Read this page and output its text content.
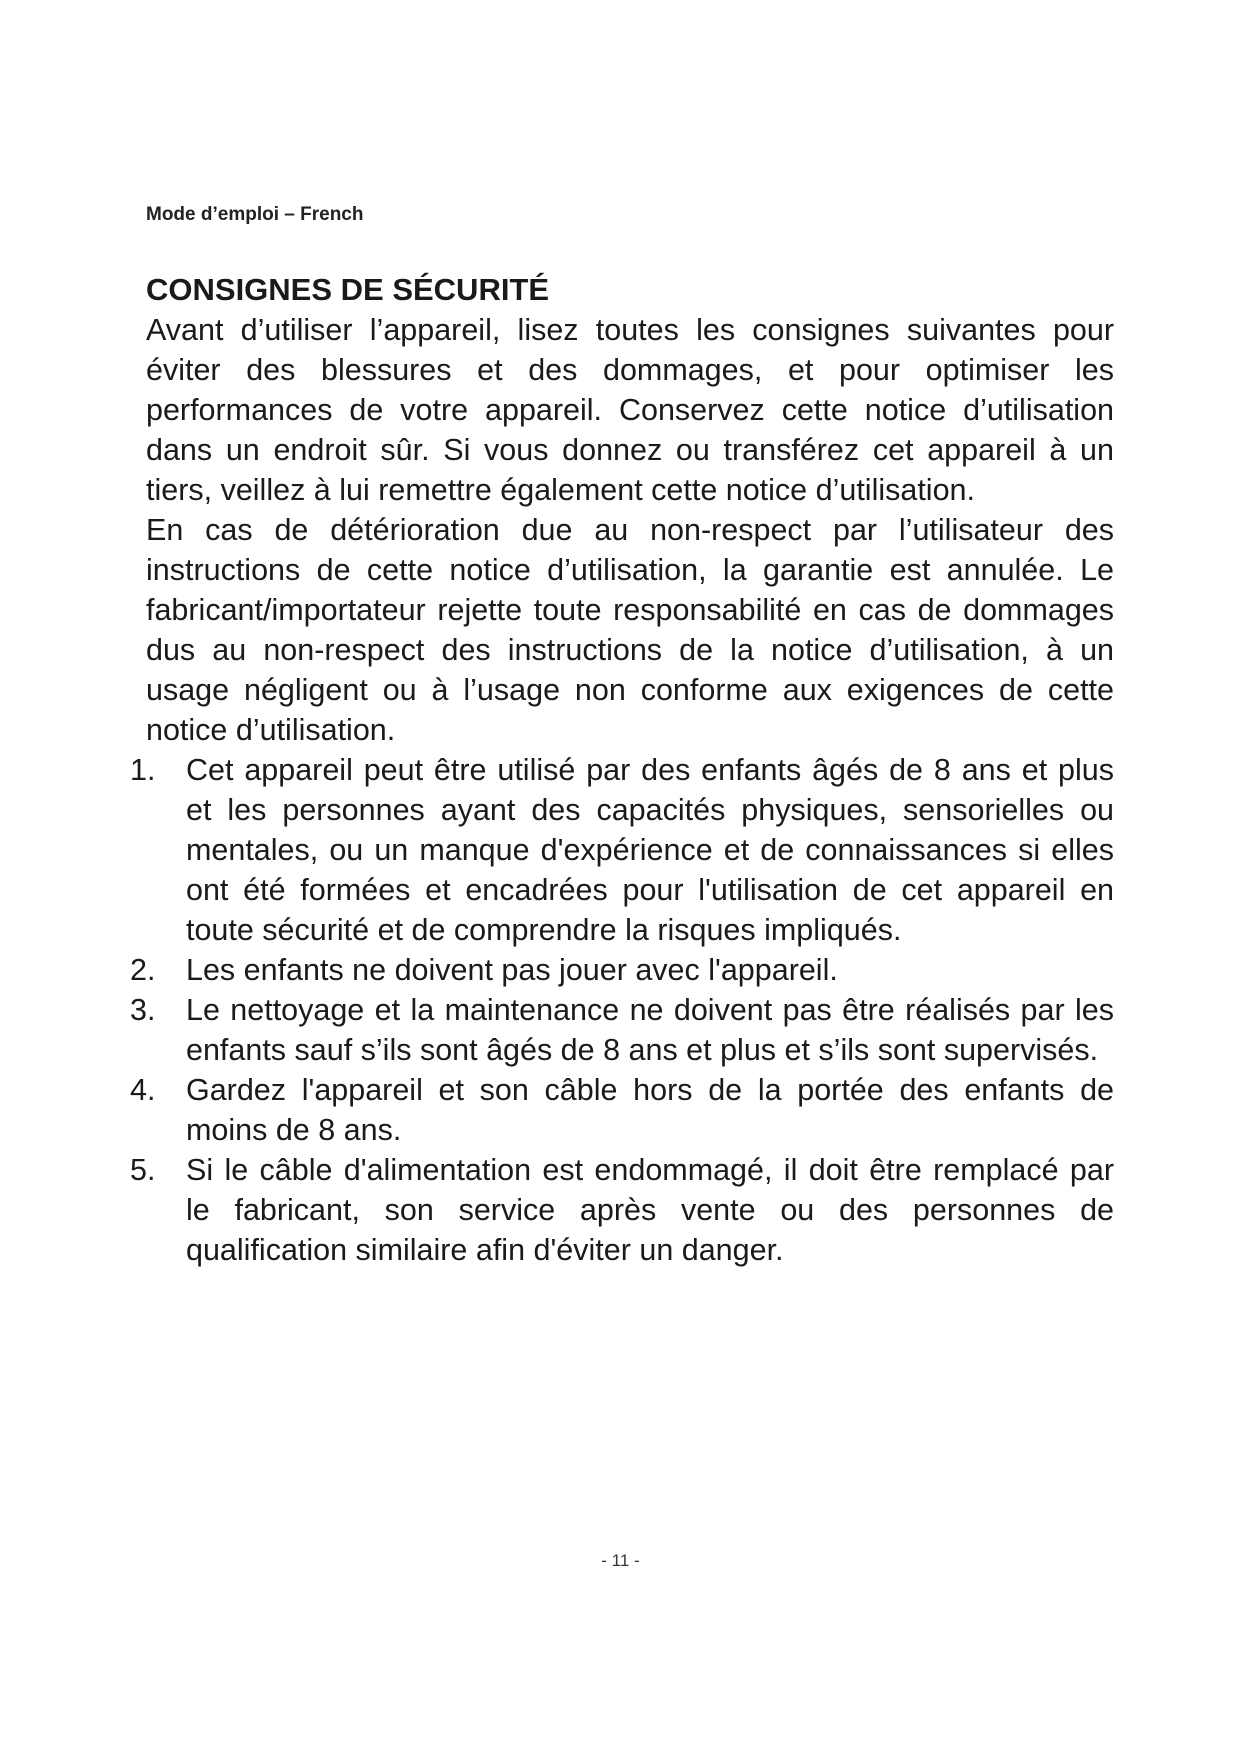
Mode d’emploi – French
CONSIGNES DE SÉCURITÉ

Avant d’utiliser l’appareil, lisez toutes les consignes suivantes pour éviter des blessures et des dommages, et pour optimiser les performances de votre appareil. Conservez cette notice d’utilisation dans un endroit sûr. Si vous donnez ou transférez cet appareil à un tiers, veillez à lui remettre également cette notice d’utilisation.

En cas de détérioration due au non-respect par l’utilisateur des instructions de cette notice d’utilisation, la garantie est annulée. Le fabricant/importateur rejette toute responsabilité en cas de dommages dus au non-respect des instructions de la notice d’utilisation, à un usage négligent ou à l’usage non conforme aux exigences de cette notice d’utilisation.

1.	Cet appareil peut être utilisé par des enfants âgés de 8 ans et plus et les personnes ayant des capacités physiques, sensorielles ou mentales, ou un manque d'expérience et de connaissances si elles ont été formées et encadrées pour l'utilisation de cet appareil en toute sécurité et de comprendre la risques impliqués.
2.	Les enfants ne doivent pas jouer avec l'appareil.
3.	Le nettoyage et la maintenance ne doivent pas être réalisés par les enfants sauf s’ils sont âgés de 8 ans et plus et s’ils sont supervisés.
4.	Gardez l'appareil et son câble hors de la portée des enfants de moins de 8 ans.
5.	Si le câble d'alimentation est endommagé, il doit être remplacé par le fabricant, son service après vente ou des personnes de qualification similaire afin d'éviter un danger.
- 11 -
